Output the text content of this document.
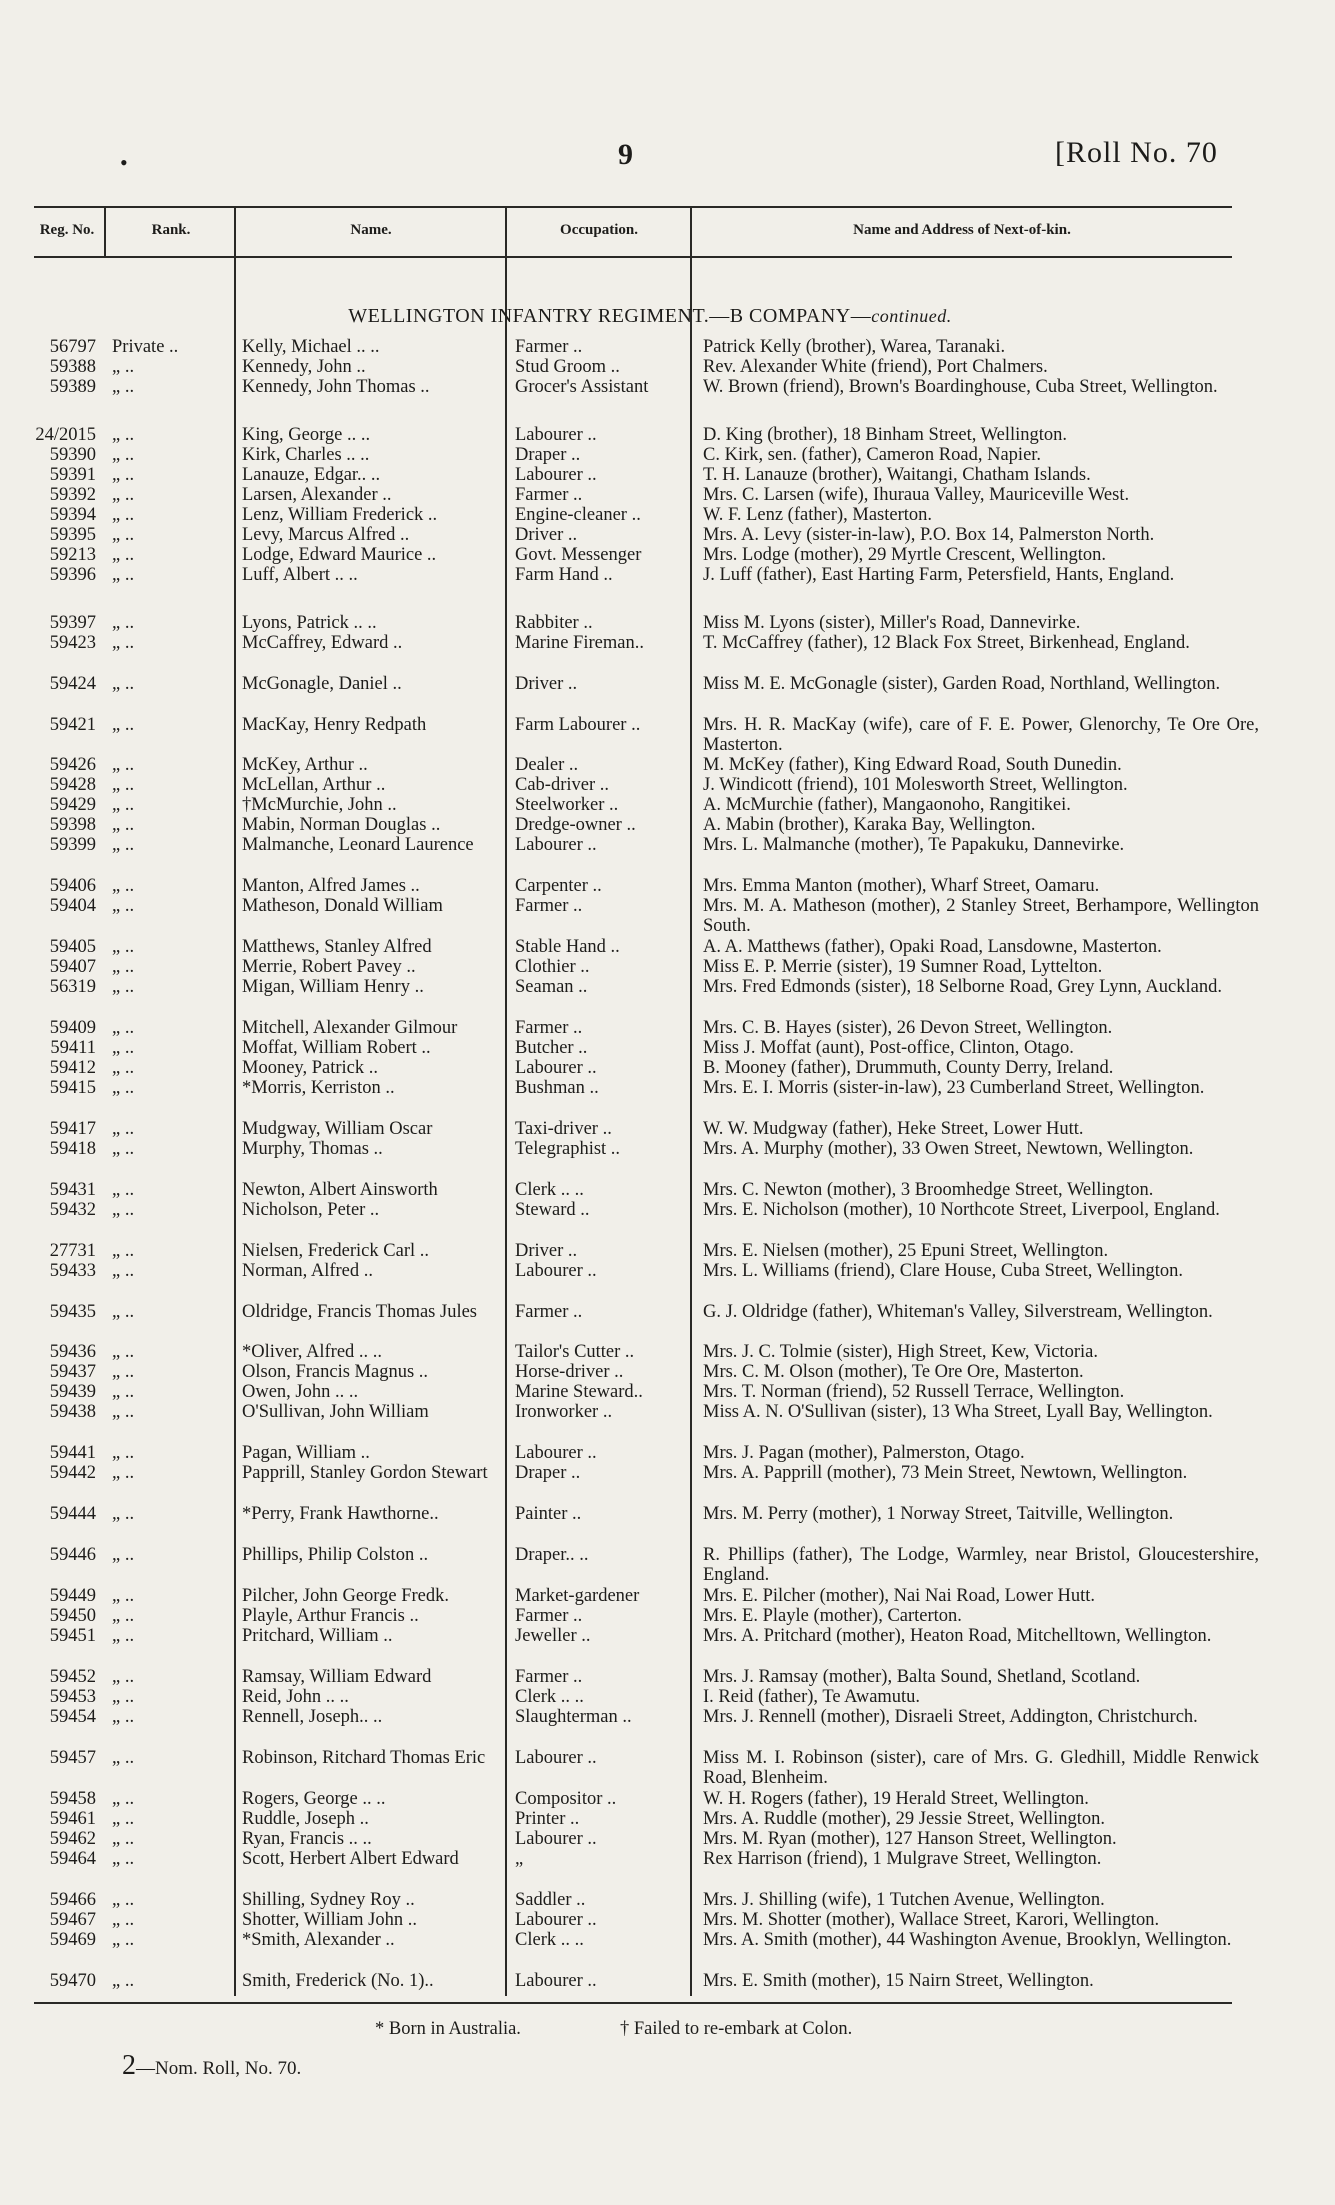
•	9	[Roll No. 70
Reg. No.	Rank.	Name.	Occupation.	Name and Address of Next-of-kin.
WELLINGTON INFANTRY REGIMENT.—B COMPANY—continued.
56797 Private ..	Kelly, Michael .. ..	Farmer ..	Patrick Kelly (brother), Warea, Taranaki.
59388 „ ..	Kennedy, John ..	Stud Groom ..	Rev. Alexander White (friend), Port Chalmers.
59389 „ ..	Kennedy, John Thomas ..	Grocer's Assistant	W. Brown (friend), Brown's Boardinghouse, Cuba Street, Wellington.
24/2015 „ ..	King, George .. ..	Labourer ..	D. King (brother), 18 Binham Street, Wellington.
59390 „ ..	Kirk, Charles .. ..	Draper ..	C. Kirk, sen. (father), Cameron Road, Napier.
59391 „ ..	Lanauze, Edgar.. ..	Labourer ..	T. H. Lanauze (brother), Waitangi, Chatham Islands.
59392 „ ..	Larsen, Alexander ..	Farmer ..	Mrs. C. Larsen (wife), Ihuraua Valley, Mauriceville West.
59394 „ ..	Lenz, William Frederick ..	Engine-cleaner ..	W. F. Lenz (father), Masterton.
59395 „ ..	Levy, Marcus Alfred ..	Driver ..	Mrs. A. Levy (sister-in-law), P.O. Box 14, Palmerston North.
59213 „ ..	Lodge, Edward Maurice ..	Govt. Messenger	Mrs. Lodge (mother), 29 Myrtle Crescent, Wellington.
59396 „ ..	Luff, Albert .. ..	Farm Hand ..	J. Luff (father), East Harting Farm, Petersfield, Hants, England.
59397 „ ..	Lyons, Patrick .. ..	Rabbiter ..	Miss M. Lyons (sister), Miller's Road, Dannevirke.
59423 „ ..	McCaffrey, Edward ..	Marine Fireman..	T. McCaffrey (father), 12 Black Fox Street, Birkenhead, England.
59424 „ ..	McGonagle, Daniel ..	Driver ..	Miss M. E. McGonagle (sister), Garden Road, Northland, Wellington.
59421 „ ..	MacKay, Henry Redpath	Farm Labourer ..	Mrs. H. R. MacKay (wife), care of F. E. Power, Glenorchy, Te Ore Ore, Masterton.
59426 „ ..	McKey, Arthur ..	Dealer ..	M. McKey (father), King Edward Road, South Dunedin.
59428 „ ..	McLellan, Arthur ..	Cab-driver ..	J. Windicott (friend), 101 Molesworth Street, Wellington.
59429 „ ..	†McMurchie, John ..	Steelworker ..	A. McMurchie (father), Mangaonoho, Rangitikei.
59398 „ ..	Mabin, Norman Douglas ..	Dredge-owner ..	A. Mabin (brother), Karaka Bay, Wellington.
59399 „ ..	Malmanche, Leonard Laurence	Labourer ..	Mrs. L. Malmanche (mother), Te Papakuku, Dannevirke.
59406 „ ..	Manton, Alfred James ..	Carpenter ..	Mrs. Emma Manton (mother), Wharf Street, Oamaru.
59404 „ ..	Matheson, Donald William	Farmer ..	Mrs. M. A. Matheson (mother), 2 Stanley Street, Berhampore, Wellington South.
59405 „ ..	Matthews, Stanley Alfred	Stable Hand ..	A. A. Matthews (father), Opaki Road, Lansdowne, Masterton.
59407 „ ..	Merrie, Robert Pavey ..	Clothier ..	Miss E. P. Merrie (sister), 19 Sumner Road, Lyttelton.
56319 „ ..	Migan, William Henry ..	Seaman ..	Mrs. Fred Edmonds (sister), 18 Selborne Road, Grey Lynn, Auckland.
59409 „ ..	Mitchell, Alexander Gilmour	Farmer ..	Mrs. C. B. Hayes (sister), 26 Devon Street, Wellington.
59411 „ ..	Moffat, William Robert ..	Butcher ..	Miss J. Moffat (aunt), Post-office, Clinton, Otago.
59412 „ ..	Mooney, Patrick ..	Labourer ..	B. Mooney (father), Drummuth, County Derry, Ireland.
59415 „ ..	*Morris, Kerriston ..	Bushman ..	Mrs. E. I. Morris (sister-in-law), 23 Cumberland Street, Wellington.
59417 „ ..	Mudgway, William Oscar	Taxi-driver ..	W. W. Mudgway (father), Heke Street, Lower Hutt.
59418 „ ..	Murphy, Thomas ..	Telegraphist ..	Mrs. A. Murphy (mother), 33 Owen Street, Newtown, Wellington.
59431 „ ..	Newton, Albert Ainsworth	Clerk .. ..	Mrs. C. Newton (mother), 3 Broomhedge Street, Wellington.
59432 „ ..	Nicholson, Peter ..	Steward ..	Mrs. E. Nicholson (mother), 10 Northcote Street, Liverpool, England.
27731 „ ..	Nielsen, Frederick Carl ..	Driver ..	Mrs. E. Nielsen (mother), 25 Epuni Street, Wellington.
59433 „ ..	Norman, Alfred ..	Labourer ..	Mrs. L. Williams (friend), Clare House, Cuba Street, Wellington.
59435 „ ..	Oldridge, Francis Thomas Jules	Farmer ..	G. J. Oldridge (father), Whiteman's Valley, Silverstream, Wellington.
59436 „ ..	*Oliver, Alfred .. ..	Tailor's Cutter ..	Mrs. J. C. Tolmie (sister), High Street, Kew, Victoria.
59437 „ ..	Olson, Francis Magnus ..	Horse-driver ..	Mrs. C. M. Olson (mother), Te Ore Ore, Masterton.
59439 „ ..	Owen, John .. ..	Marine Steward..	Mrs. T. Norman (friend), 52 Russell Terrace, Wellington.
59438 „ ..	O'Sullivan, John William	Ironworker ..	Miss A. N. O'Sullivan (sister), 13 Wha Street, Lyall Bay, Wellington.
59441 „ ..	Pagan, William ..	Labourer ..	Mrs. J. Pagan (mother), Palmerston, Otago.
59442 „ ..	Papprill, Stanley Gordon Stewart	Draper ..	Mrs. A. Papprill (mother), 73 Mein Street, Newtown, Wellington.
59444 „ ..	*Perry, Frank Hawthorne..	Painter ..	Mrs. M. Perry (mother), 1 Norway Street, Taitville, Wellington.
59446 „ ..	Phillips, Philip Colston ..	Draper.. ..	R. Phillips (father), The Lodge, Warmley, near Bristol, Gloucestershire, England.
59449 „ ..	Pilcher, John George Fredk.	Market-gardener	Mrs. E. Pilcher (mother), Nai Nai Road, Lower Hutt.
59450 „ ..	Playle, Arthur Francis ..	Farmer ..	Mrs. E. Playle (mother), Carterton.
59451 „ ..	Pritchard, William ..	Jeweller ..	Mrs. A. Pritchard (mother), Heaton Road, Mitchelltown, Wellington.
59452 „ ..	Ramsay, William Edward	Farmer ..	Mrs. J. Ramsay (mother), Balta Sound, Shetland, Scotland.
59453 „ ..	Reid, John .. ..	Clerk .. ..	I. Reid (father), Te Awamutu.
59454 „ ..	Rennell, Joseph.. ..	Slaughterman ..	Mrs. J. Rennell (mother), Disraeli Street, Addington, Christchurch.
59457 „ ..	Robinson, Ritchard Thomas Eric	Labourer ..	Miss M. I. Robinson (sister), care of Mrs. G. Gledhill, Middle Renwick Road, Blenheim.
59458 „ ..	Rogers, George .. ..	Compositor ..	W. H. Rogers (father), 19 Herald Street, Wellington.
59461 „ ..	Ruddle, Joseph ..	Printer ..	Mrs. A. Ruddle (mother), 29 Jessie Street, Wellington.
59462 „ ..	Ryan, Francis .. ..	Labourer ..	Mrs. M. Ryan (mother), 127 Hanson Street, Wellington.
59464 „ ..	Scott, Herbert Albert Edward	„	Rex Harrison (friend), 1 Mulgrave Street, Wellington.
59466 „ ..	Shilling, Sydney Roy ..	Saddler ..	Mrs. J. Shilling (wife), 1 Tutchen Avenue, Wellington.
59467 „ ..	Shotter, William John ..	Labourer ..	Mrs. M. Shotter (mother), Wallace Street, Karori, Wellington.
59469 „ ..	*Smith, Alexander ..	Clerk .. ..	Mrs. A. Smith (mother), 44 Washington Avenue, Brooklyn, Wellington.
59470 „ ..	Smith, Frederick (No. 1)..	Labourer ..	Mrs. E. Smith (mother), 15 Nairn Street, Wellington.
* Born in Australia.	† Failed to re-embark at Colon.
2—Nom. Roll, No. 70.
